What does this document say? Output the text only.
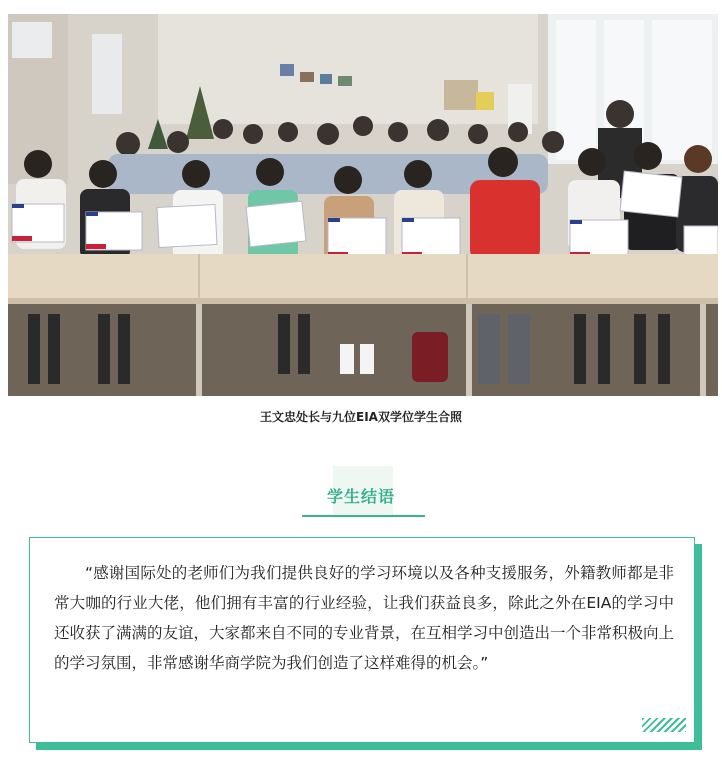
王文忠处长与九位EIA双学位学生合照
学生结语
“感谢国际处的老师们为我们提供良好的学习环境以及各种支援服务，外籍教师都是非常大咖的行业大佬，他们拥有丰富的行业经验，让我们获益良多，除此之外在EIA的学习中还收获了满满的友谊，大家都来自不同的专业背景，在互相学习中创造出一个非常积极向上的学习氛围，非常感谢华商学院为我们创造了这样难得的机会。”
